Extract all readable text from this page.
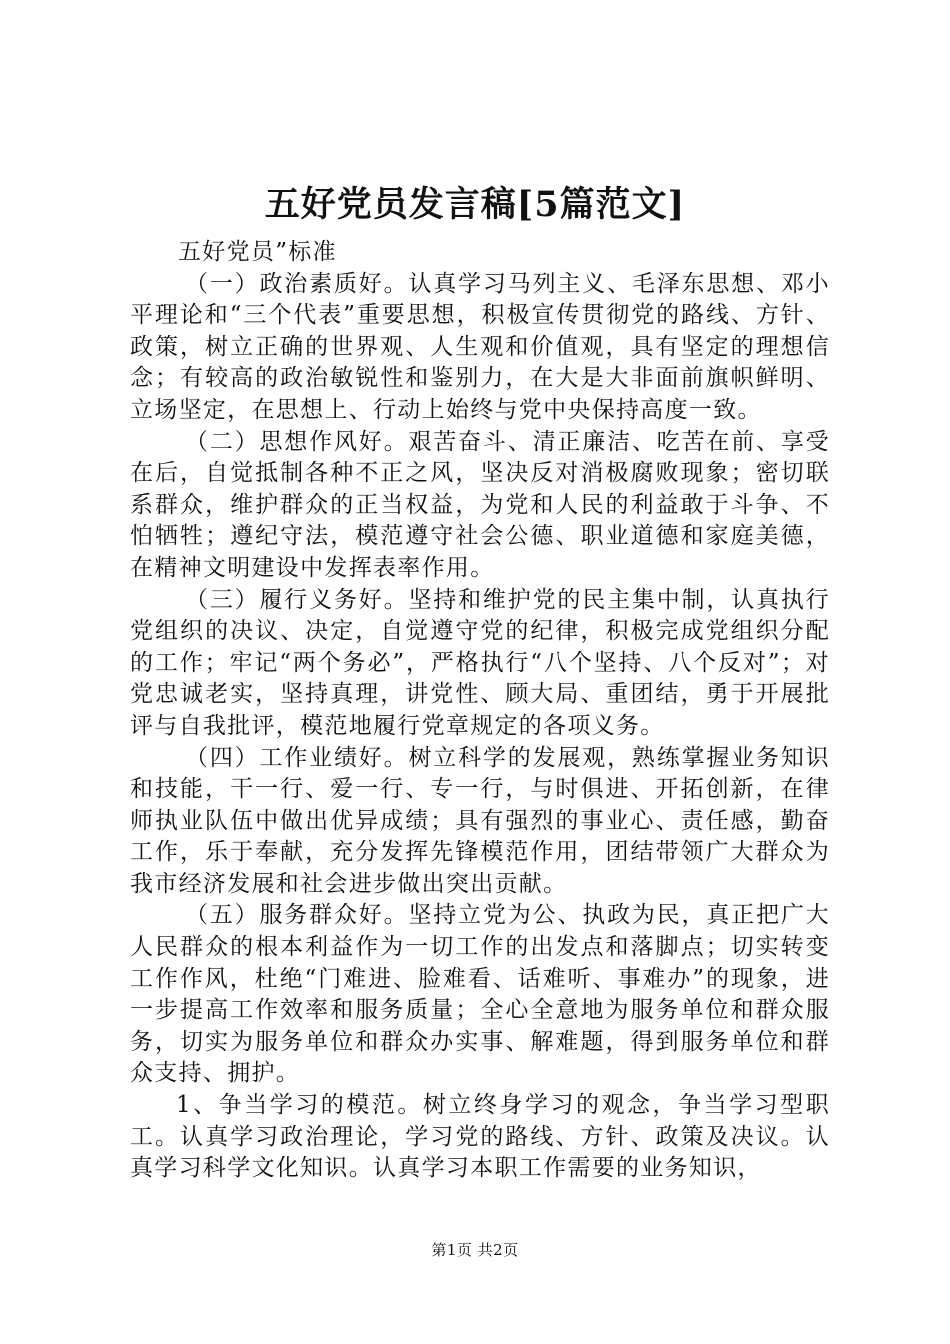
五好党员发言稿[5篇范文]

五好党员”标准

（一）政治素质好。认真学习马列主义、毛泽东思想、邓小平理论和“三个代表”重要思想，积极宣传贯彻党的路线、方针、政策，树立正确的世界观、人生观和价值观，具有坚定的理想信念；有较高的政治敏锐性和鉴别力，在大是大非面前旗帜鲜明、立场坚定，在思想上、行动上始终与党中央保持高度一致。

（二）思想作风好。艰苦奋斗、清正廉洁、吃苦在前、享受在后，自觉抵制各种不正之风，坚决反对消极腐败现象；密切联系群众，维护群众的正当权益，为党和人民的利益敢于斗争、不怕牺牲；遵纪守法，模范遵守社会公德、职业道德和家庭美德，在精神文明建设中发挥表率作用。

（三）履行义务好。坚持和维护党的民主集中制，认真执行党组织的决议、决定，自觉遵守党的纪律，积极完成党组织分配的工作；牢记“两个务必”，严格执行“八个坚持、八个反对”；对党忠诚老实，坚持真理，讲党性、顾大局、重团结，勇于开展批评与自我批评，模范地履行党章规定的各项义务。

（四）工作业绩好。树立科学的发展观，熟练掌握业务知识和技能，干一行、爱一行、专一行，与时俱进、开拓创新，在律师执业队伍中做出优异成绩；具有强烈的事业心、责任感，勤奋工作，乐于奉献，充分发挥先锋模范作用，团结带领广大群众为我市经济发展和社会进步做出突出贡献。

（五）服务群众好。坚持立党为公、执政为民，真正把广大人民群众的根本利益作为一切工作的出发点和落脚点；切实转变工作作风，杜绝“门难进、脸难看、话难听、事难办”的现象，进一步提高工作效率和服务质量；全心全意地为服务单位和群众服务，切实为服务单位和群众办实事、解难题，得到服务单位和群众支持、拥护。

1、争当学习的模范。树立终身学习的观念，争当学习型职工。认真学习政治理论，学习党的路线、方针、政策及决议。认真学习科学文化知识。认真学习本职工作需要的业务知识，

第1页 共2页
